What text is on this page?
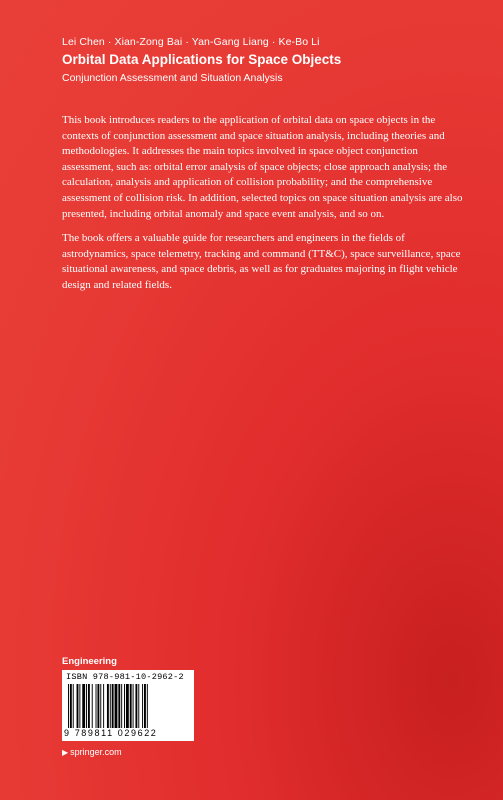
Lei Chen · Xian-Zong Bai · Yan-Gang Liang · Ke-Bo Li
Orbital Data Applications for Space Objects
Conjunction Assessment and Situation Analysis

This book introduces readers to the application of orbital data on space objects in the contexts of conjunction assessment and space situation analysis, including theories and methodologies. It addresses the main topics involved in space object conjunction assessment, such as: orbital error analysis of space objects; close approach analysis; the calculation, analysis and application of collision probability; and the comprehensive assessment of collision risk. In addition, selected topics on space situation analysis are also presented, including orbital anomaly and space event analysis, and so on.

The book offers a valuable guide for researchers and engineers in the fields of astrodynamics, space telemetry, tracking and command (TT&C), space surveillance, space situational awareness, and space debris, as well as for graduates majoring in flight vehicle design and related fields.

Engineering
ISBN 978-981-10-2962-2
9 789811 029622
▶ springer.com
